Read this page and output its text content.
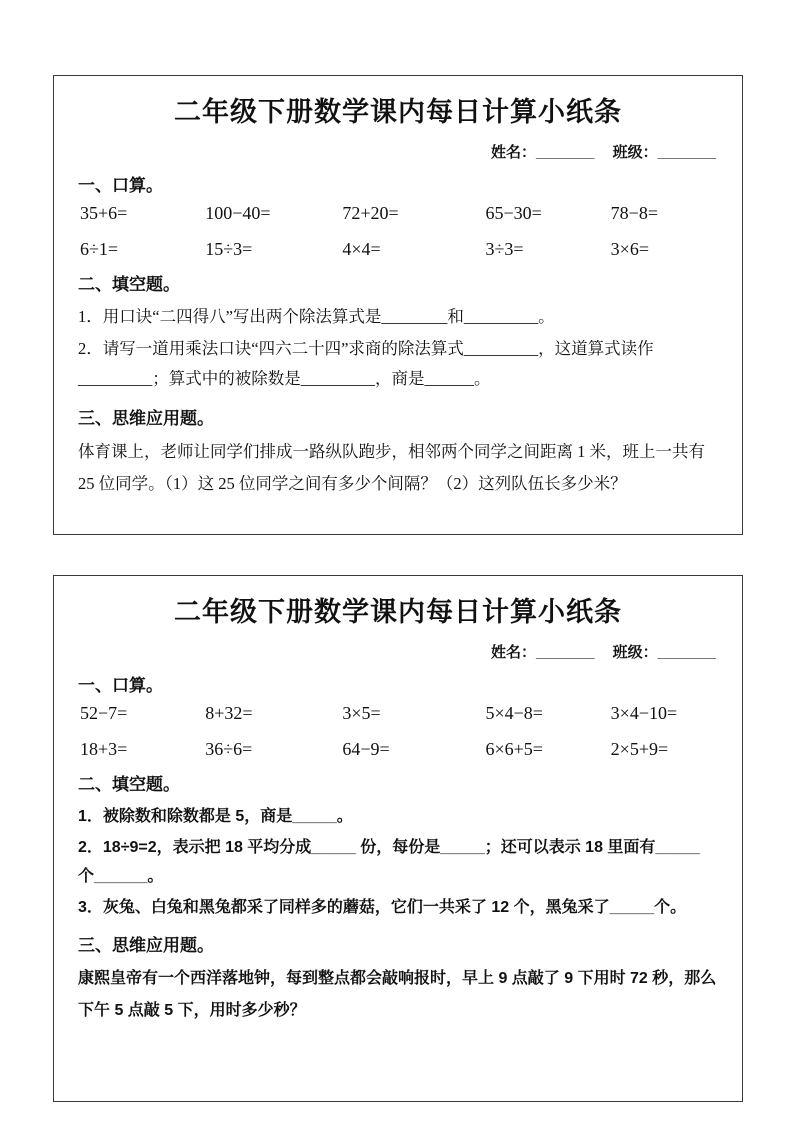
二年级下册数学课内每日计算小纸条
姓名：_______ 班级：_______
一、口算。
35+6=	100−40=	72+20=	65−30=	78−8=
6÷1=	15÷3=	4×4=	3÷3=	3×6=
二、填空题。

1．用口诀“二四得八”写出两个除法算式是________和_________。

2．请写一道用乘法口诀“四六二十四”求商的除法算式_________，这道算式读作_________；算式中的被除数是_________，商是______。

三、思维应用题。

体育课上，老师让同学们排成一路纵队跑步，相邻两个同学之间距离 1 米，班上一共有 25 位同学。（1）这 25 位同学之间有多少个间隔？（2）这列队伍长多少米？

二年级下册数学课内每日计算小纸条
姓名：_______ 班级：_______
一、口算。
52−7=	8+32=	3×5=	5×4−8=	3×4−10=
18+3=	36÷6=	64−9=	6×6+5=	2×5+9=
二、填空题。

1．被除数和除数都是 5，商是_____。

2．18÷9=2，表示把 18 平均分成_____ 份，每份是_____；还可以表示 18 里面有_____ 个______。

3．灰兔、白兔和黑兔都采了同样多的蘑菇，它们一共采了 12 个，黑兔采了_____个。

三、思维应用题。

康熙皇帝有一个西洋落地钟，每到整点都会敲响报时，早上 9 点敲了 9 下用时 72 秒，那么下午 5 点敲 5 下，用时多少秒？
